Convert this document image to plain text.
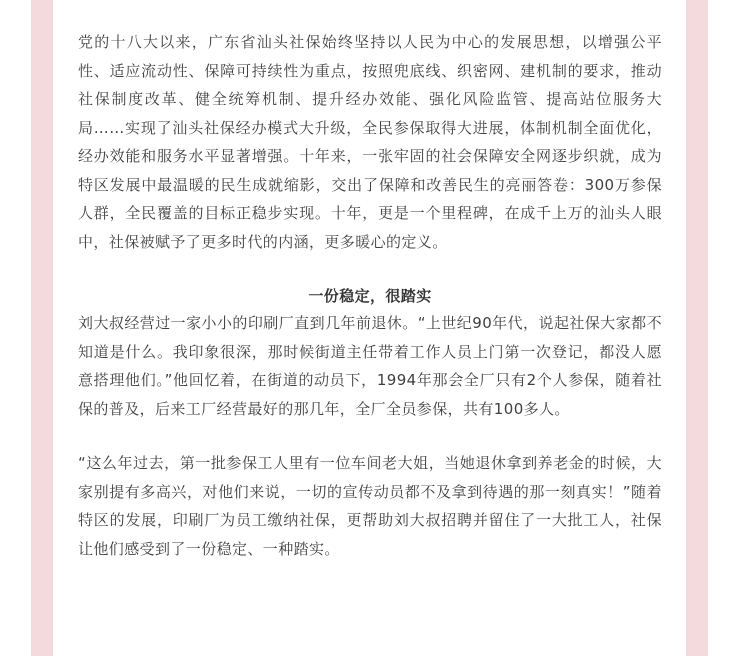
党的十八大以来，广东省汕头社保始终坚持以人民为中心的发展思想，以增强公平性、适应流动性、保障可持续性为重点，按照兜底线、织密网、建机制的要求，推动社保制度改革、健全统筹机制、提升经办效能、强化风险监管、提高站位服务大局……实现了汕头社保经办模式大升级，全民参保取得大进展，体制机制全面优化，经办效能和服务水平显著增强。十年来，一张牢固的社会保障安全网逐步织就，成为特区发展中最温暖的民生成就缩影，交出了保障和改善民生的亮丽答卷：300万参保人群，全民覆盖的目标正稳步实现。十年，更是一个里程碑，在成千上万的汕头人眼中，社保被赋予了更多时代的内涵，更多暖心的定义。

一份稳定，很踏实

刘大叔经营过一家小小的印刷厂直到几年前退休。“上世纪90年代，说起社保大家都不知道是什么。我印象很深，那时候街道主任带着工作人员上门第一次登记，都没人愿意搭理他们。”他回忆着，在街道的动员下，1994年那会全厂只有2个人参保，随着社保的普及，后来工厂经营最好的那几年，全厂全员参保，共有100多人。

“这么年过去，第一批参保工人里有一位车间老大姐，当她退休拿到养老金的时候，大家别提有多高兴，对他们来说，一切的宣传动员都不及拿到待遇的那一刻真实！”随着特区的发展，印刷厂为员工缴纳社保，更帮助刘大叔招聘并留住了一大批工人，社保让他们感受到了一份稳定、一种踏实。
